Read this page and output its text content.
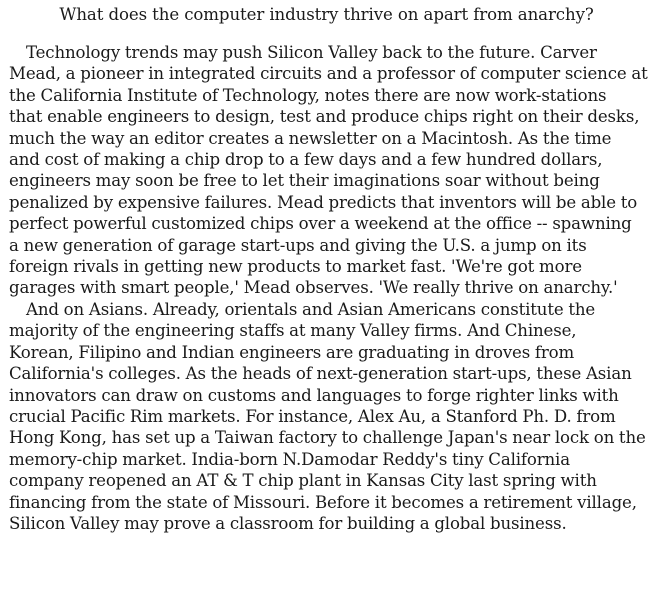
What does the computer industry thrive on apart from anarchy?

Technology trends may push Silicon Valley back to the future. Carver
Mead, a pioneer in integrated circuits and a professor of computer science at
the California Institute of Technology, notes there are now work-stations
that enable engineers to design, test and produce chips right on their desks,
much the way an editor creates a newsletter on a Macintosh. As the time
and cost of making a chip drop to a few days and a few hundred dollars,
engineers may soon be free to let their imaginations soar without being
penalized by expensive failures. Mead predicts that inventors will be able to
perfect powerful customized chips over a weekend at the office -- spawning
a new generation of garage start-ups and giving the U.S. a jump on its
foreign rivals in getting new products to market fast. 'We're got more
garages with smart people,' Mead observes. 'We really thrive on anarchy.'

And on Asians. Already, orientals and Asian Americans constitute the
majority of the engineering staffs at many Valley firms. And Chinese,
Korean, Filipino and Indian engineers are graduating in droves from
California's colleges. As the heads of next-generation start-ups, these Asian
innovators can draw on customs and languages to forge righter links with
crucial Pacific Rim markets. For instance, Alex Au, a Stanford Ph. D. from
Hong Kong, has set up a Taiwan factory to challenge Japan's near lock on the
memory-chip market. India-born N.Damodar Reddy's tiny California
company reopened an AT & T chip plant in Kansas City last spring with
financing from the state of Missouri. Before it becomes a retirement village,
Silicon Valley may prove a classroom for building a global business.
